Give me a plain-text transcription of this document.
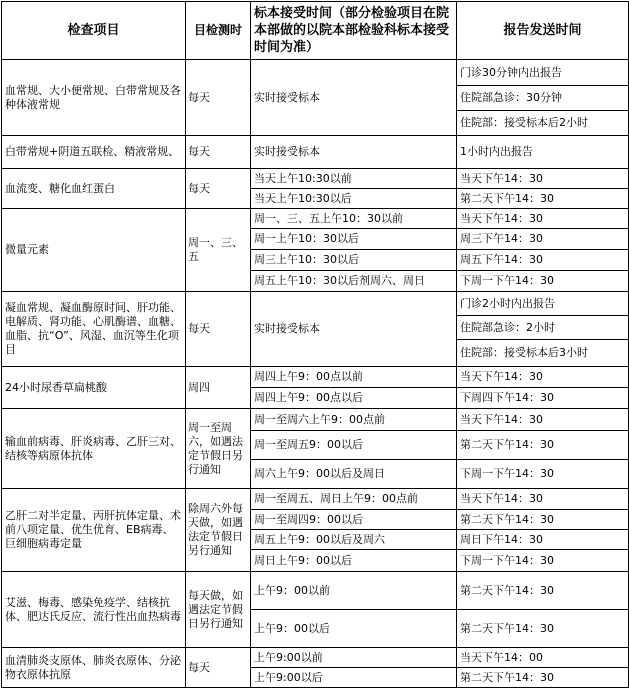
检查项目	目检测时	标本接受时间（部分检验项目在院本部做的以院本部检验科标本接受时间为准）	报告发送时间
血常规、大小便常规、白带常规及各种体液常规	每天	实时接受标本	门诊30分钟内出报告
			住院部急诊：30分钟
			住院部：接受标本后2小时
白带常规+阴道五联检、精液常规、	每天	实时接受标本	1小时内出报告
血流变、糖化血红蛋白	每天	当天上午10:30以前	当天下午14：30
		当天上午10:30以后	第二天下午14：30
微量元素	周一、三、五	周一、三、五上午10：30以前	当天下午14：30
		周一上午10：30以后	周三下午14：30
		周三上午10：30以后	周五下午14：30
		周五上午10：30以后剂周六、周日	下周一下午14：30
凝血常规、凝血酶原时间、肝功能、电解质、肾功能、心肌酶谱、血糖、血脂、抗“O”、风湿、血沉等生化项目	每天	实时接受标本	门诊2小时内出报告
			住院部急诊：2小时
			住院部：接受标本后3小时
24小时尿香草扁桃酸	周四	周四上午9：00点以前	当天下午14：30
		周四上午9：00点以后	下周四下午14：30
输血前病毒、肝炎病毒、乙肝三对、结核等病原体抗体	周一至周六，如遇法定节假日另行通知	周一至周六上午9：00点前	当天下午14：30
		周一至周五9：00以后	第二天下午14：30
		周六上午9：00以后及周日	下周一下午14：30
乙肝二对半定量、丙肝抗体定量、术前八项定量、优生优育、EB病毒、巨细胞病毒定量	除周六外每天做，如遇法定节假日另行通知	周一至周五、周日上午9：00点前	当天下午14：30
		周一至周四9：00以后	第二天下午14：30
		周五上午9：00以后及周六	周日下午14：30
		周日上午9：00以后	下周一下午14：30
艾滋、梅毒、感染免疫学、结核抗体、肥达氏反应、流行性出血热病毒	每天做，如遇法定节假日另行通知	上午9：00以前	第二天下午14：30
		上午9：00以后	第二天下午14：30
血清肺炎支原体、肺炎衣原体、分泌物衣原体抗原	每天	上午9:00以前	当天下午14：00
		上午9:00以后	第二天下午14：30
